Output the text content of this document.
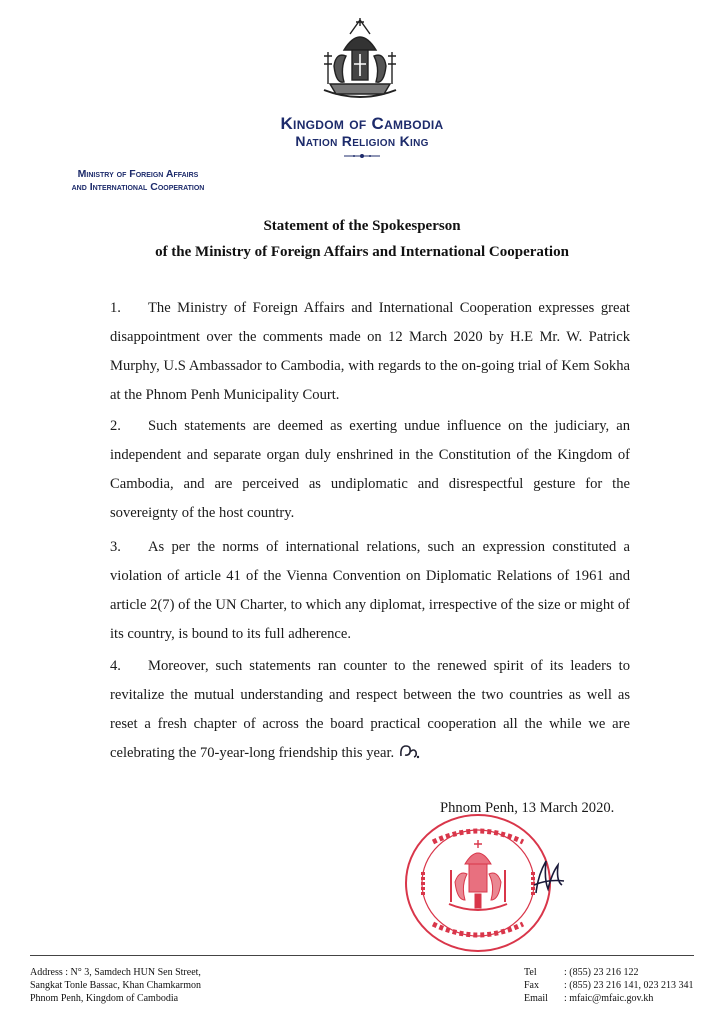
Kingdom of Cambodia
Nation Religion King
Ministry of Foreign Affairs
and International Cooperation
Statement of the Spokesperson
of the Ministry of Foreign Affairs and International Cooperation
1. The Ministry of Foreign Affairs and International Cooperation expresses great disappointment over the comments made on 12 March 2020 by H.E Mr. W. Patrick Murphy, U.S Ambassador to Cambodia, with regards to the on-going trial of Kem Sokha at the Phnom Penh Municipality Court.
2. Such statements are deemed as exerting undue influence on the judiciary, an independent and separate organ duly enshrined in the Constitution of the Kingdom of Cambodia, and are perceived as undiplomatic and disrespectful gesture for the sovereignty of the host country.
3. As per the norms of international relations, such an expression constituted a violation of article 41 of the Vienna Convention on Diplomatic Relations of 1961 and article 2(7) of the UN Charter, to which any diplomat, irrespective of the size or might of its country, is bound to its full adherence.
4. Moreover, such statements ran counter to the renewed spirit of its leaders to revitalize the mutual understanding and respect between the two countries as well as reset a fresh chapter of across the board practical cooperation all the while we are celebrating the 70-year-long friendship this year.
Phnom Penh, 13 March 2020.
Address : N° 3, Samdech HUN Sen Street,
Sangkat Tonle Bassac, Khan Chamkarmon
Phnom Penh, Kingdom of Cambodia
Tel	: (855) 23 216 122
Fax	: (855) 23 216 141, 023 213 341
Email : mfaic@mfaic.gov.kh
